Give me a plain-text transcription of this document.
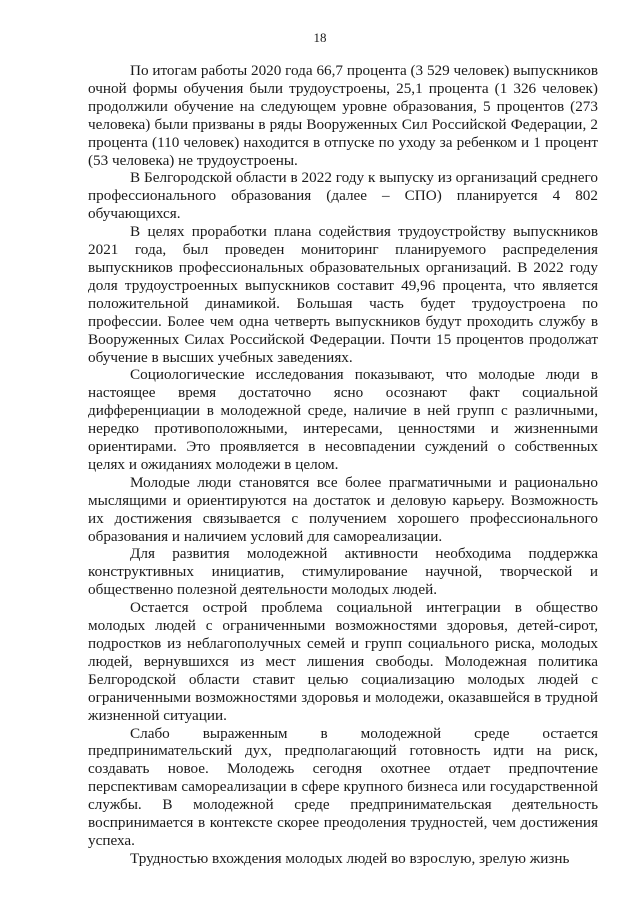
18

По итогам работы 2020 года 66,7 процента (3 529 человек) выпускников очной формы обучения были трудоустроены, 25,1 процента (1 326 человек) продолжили обучение на следующем уровне образования, 5 процентов (273 человека) были призваны в ряды Вооруженных Сил Российской Федерации, 2 процента (110 человек) находится в отпуске по уходу за ребенком и 1 процент (53 человека) не трудоустроены.

В Белгородской области в 2022 году к выпуску из организаций среднего профессионального образования (далее – СПО) планируется 4 802 обучающихся.

В целях проработки плана содействия трудоустройству выпускников 2021 года, был проведен мониторинг планируемого распределения выпускников профессиональных образовательных организаций. В 2022 году доля трудоустроенных выпускников составит 49,96 процента, что является положительной динамикой. Большая часть будет трудоустроена по профессии. Более чем одна четверть выпускников будут проходить службу в Вооруженных Силах Российской Федерации. Почти 15 процентов продолжат обучение в высших учебных заведениях.

Социологические исследования показывают, что молодые люди в настоящее время достаточно ясно осознают факт социальной дифференциации в молодежной среде, наличие в ней групп с различными, нередко противоположными, интересами, ценностями и жизненными ориентирами. Это проявляется в несовпадении суждений о собственных целях и ожиданиях молодежи в целом.

Молодые люди становятся все более прагматичными и рационально мыслящими и ориентируются на достаток и деловую карьеру. Возможность их достижения связывается с получением хорошего профессионального образования и наличием условий для самореализации.

Для развития молодежной активности необходима поддержка конструктивных инициатив, стимулирование научной, творческой и общественно полезной деятельности молодых людей.

Остается острой проблема социальной интеграции в общество молодых людей с ограниченными возможностями здоровья, детей-сирот, подростков из неблагополучных семей и групп социального риска, молодых людей, вернувшихся из мест лишения свободы. Молодежная политика Белгородской области ставит целью социализацию молодых людей с ограниченными возможностями здоровья и молодежи, оказавшейся в трудной жизненной ситуации.

Слабо выраженным в молодежной среде остается предпринимательский дух, предполагающий готовность идти на риск, создавать новое. Молодежь сегодня охотнее отдает предпочтение перспективам самореализации в сфере крупного бизнеса или государственной службы. В молодежной среде предпринимательская деятельность воспринимается в контексте скорее преодоления трудностей, чем достижения успеха.

Трудностью вхождения молодых людей во взрослую, зрелую жизнь
